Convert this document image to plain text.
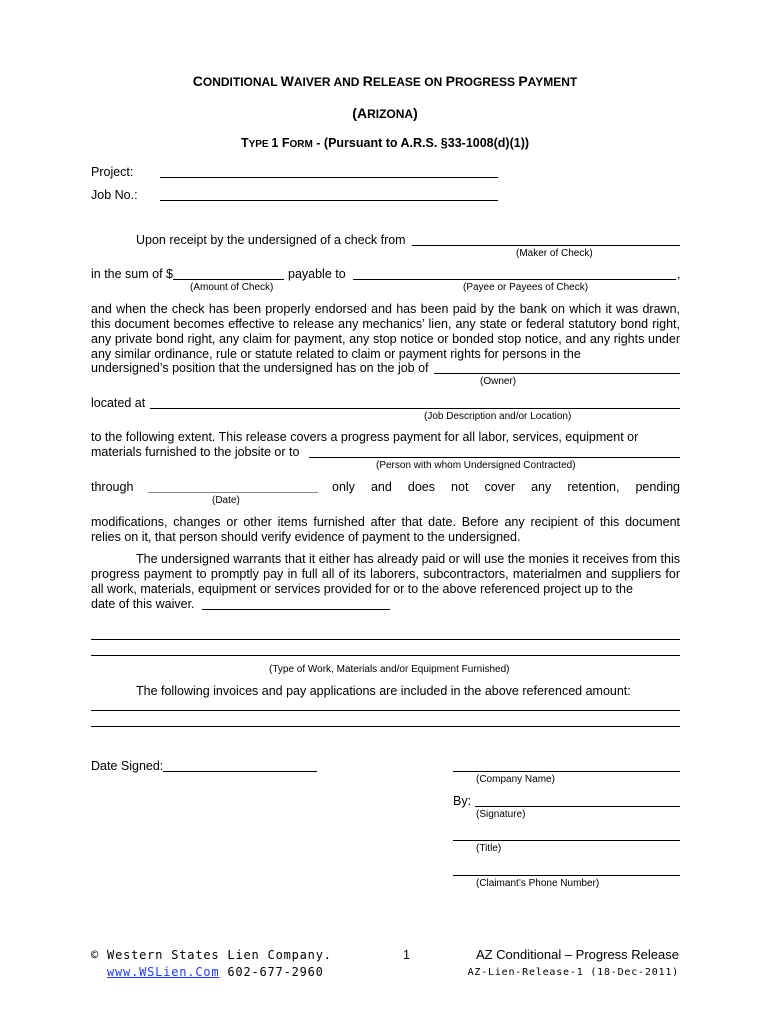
CONDITIONAL WAIVER AND RELEASE ON PROGRESS PAYMENT
(ARIZONA)
TYPE 1 FORM - (Pursuant to A.R.S. §33-1008(d)(1))
Project:
Job No.:
Upon receipt by the undersigned of a check from
(Maker of Check)
in the sum of $	payable to	,
(Amount of Check)	(Payee or Payees of Check)
and when the check has been properly endorsed and has been paid by the bank on which it was drawn, this document becomes effective to release any mechanics’ lien, any state or federal statutory bond right, any private bond right, any claim for payment, any stop notice or bonded stop notice, and any rights under any similar ordinance, rule or statute related to claim or payment rights for persons in the
undersigned’s position that the undersigned has on the job of
(Owner)
located at
(Job Description and/or Location)
to the following extent. This release covers a progress payment for all labor, services, equipment or
materials furnished to the jobsite or to
(Person with whom Undersigned Contracted)
through	only and does not cover any retention, pending
(Date)
modifications, changes or other items furnished after that date. Before any recipient of this document relies on it, that person should verify evidence of payment to the undersigned.
The undersigned warrants that it either has already paid or will use the monies it receives from this progress payment to promptly pay in full all of its laborers, subcontractors, materialmen and suppliers for all work, materials, equipment or services provided for or to the above referenced project up to the
date of this waiver.
(Type of Work, Materials and/or Equipment Furnished)
The following invoices and pay applications are included in the above referenced amount:
Date Signed:
(Company Name)
By:
(Signature)
(Title)
(Claimant’s Phone Number)
© Western States Lien Company.
www.WSLien.Com 602-677-2960
1	AZ Conditional – Progress Release
AZ-Lien-Release-1 (18-Dec-2011)
